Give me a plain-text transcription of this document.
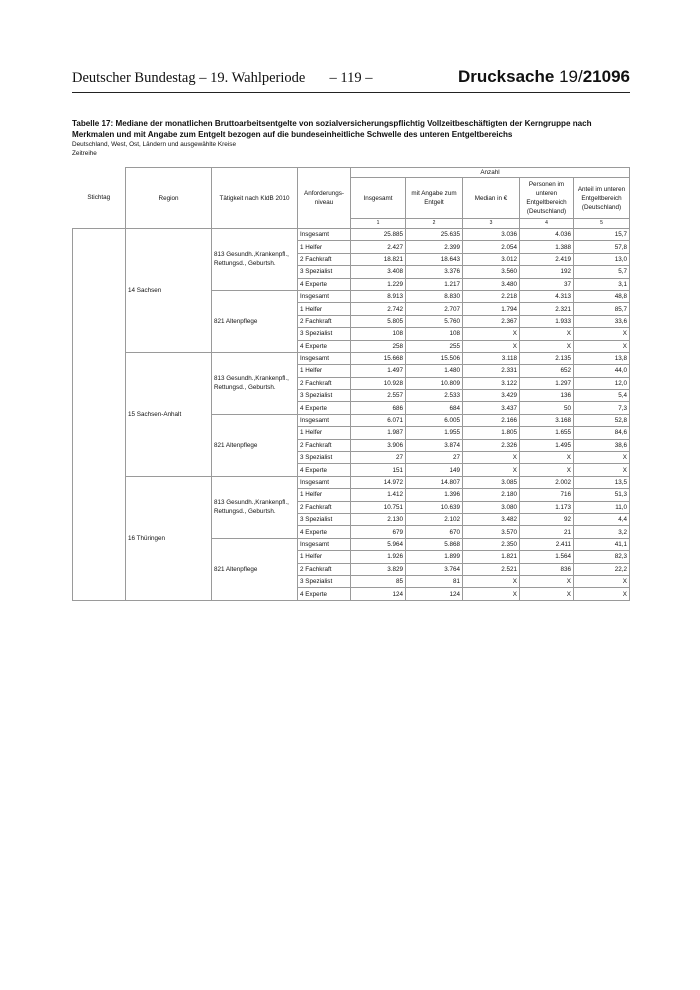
Deutscher Bundestag – 19. Wahlperiode	– 119 –	Drucksache 19/21096
Tabelle 17: Mediane der monatlichen Bruttoarbeitsentgelte von sozialversicherungspflichtig Vollzeitbeschäftigten der Kerngruppe nach Merkmalen und mit Angabe zum Entgelt bezogen auf die bundeseinheitliche Schwelle des unteren Entgeltbereichs
Deutschland, West, Ost, Ländern und ausgewählte Kreise
Zeitreihe
Stichtag	Region	Tätigkeit nach KldB 2010	Anforderungs-niveau	Anzahl				
				Insgesamt	mit Angabe zum Entgelt	Median in €	Personen im unteren Entgeltbereich (Deutschland)	Anteil im unteren Entgeltbereich (Deutschland)
				1	2	3	4	5
	14 Sachsen	813 Gesundh.,Krankenpfl., Rettungsd., Geburtsh.	Insgesamt	25.885	25.635	3.036	4.036	15,7
			1 Helfer	2.427	2.399	2.054	1.388	57,8
			2 Fachkraft	18.821	18.643	3.012	2.419	13,0
			3 Spezialist	3.408	3.376	3.560	192	5,7
			4 Experte	1.229	1.217	3.480	37	3,1
		821 Altenpflege	Insgesamt	8.913	8.830	2.218	4.313	48,8
			1 Helfer	2.742	2.707	1.794	2.321	85,7
			2 Fachkraft	5.805	5.760	2.367	1.933	33,6
			3 Spezialist	108	108	X	X	X
			4 Experte	258	255	X	X	X
	15 Sachsen-Anhalt	813 Gesundh.,Krankenpfl., Rettungsd., Geburtsh.	Insgesamt	15.668	15.506	3.118	2.135	13,8
			1 Helfer	1.497	1.480	2.331	652	44,0
			2 Fachkraft	10.928	10.809	3.122	1.297	12,0
			3 Spezialist	2.557	2.533	3.429	136	5,4
			4 Experte	686	684	3.437	50	7,3
		821 Altenpflege	Insgesamt	6.071	6.005	2.166	3.168	52,8
			1 Helfer	1.987	1.955	1.805	1.655	84,6
			2 Fachkraft	3.906	3.874	2.326	1.495	38,6
			3 Spezialist	27	27	X	X	X
			4 Experte	151	149	X	X	X
	16 Thüringen	813 Gesundh.,Krankenpfl., Rettungsd., Geburtsh.	Insgesamt	14.972	14.807	3.085	2.002	13,5
			1 Helfer	1.412	1.396	2.180	716	51,3
			2 Fachkraft	10.751	10.639	3.080	1.173	11,0
			3 Spezialist	2.130	2.102	3.482	92	4,4
			4 Experte	679	670	3.570	21	3,2
		821 Altenpflege	Insgesamt	5.964	5.868	2.350	2.411	41,1
			1 Helfer	1.926	1.899	1.821	1.564	82,3
			2 Fachkraft	3.829	3.764	2.521	836	22,2
			3 Spezialist	85	81	X	X	X
			4 Experte	124	124	X	X	X
